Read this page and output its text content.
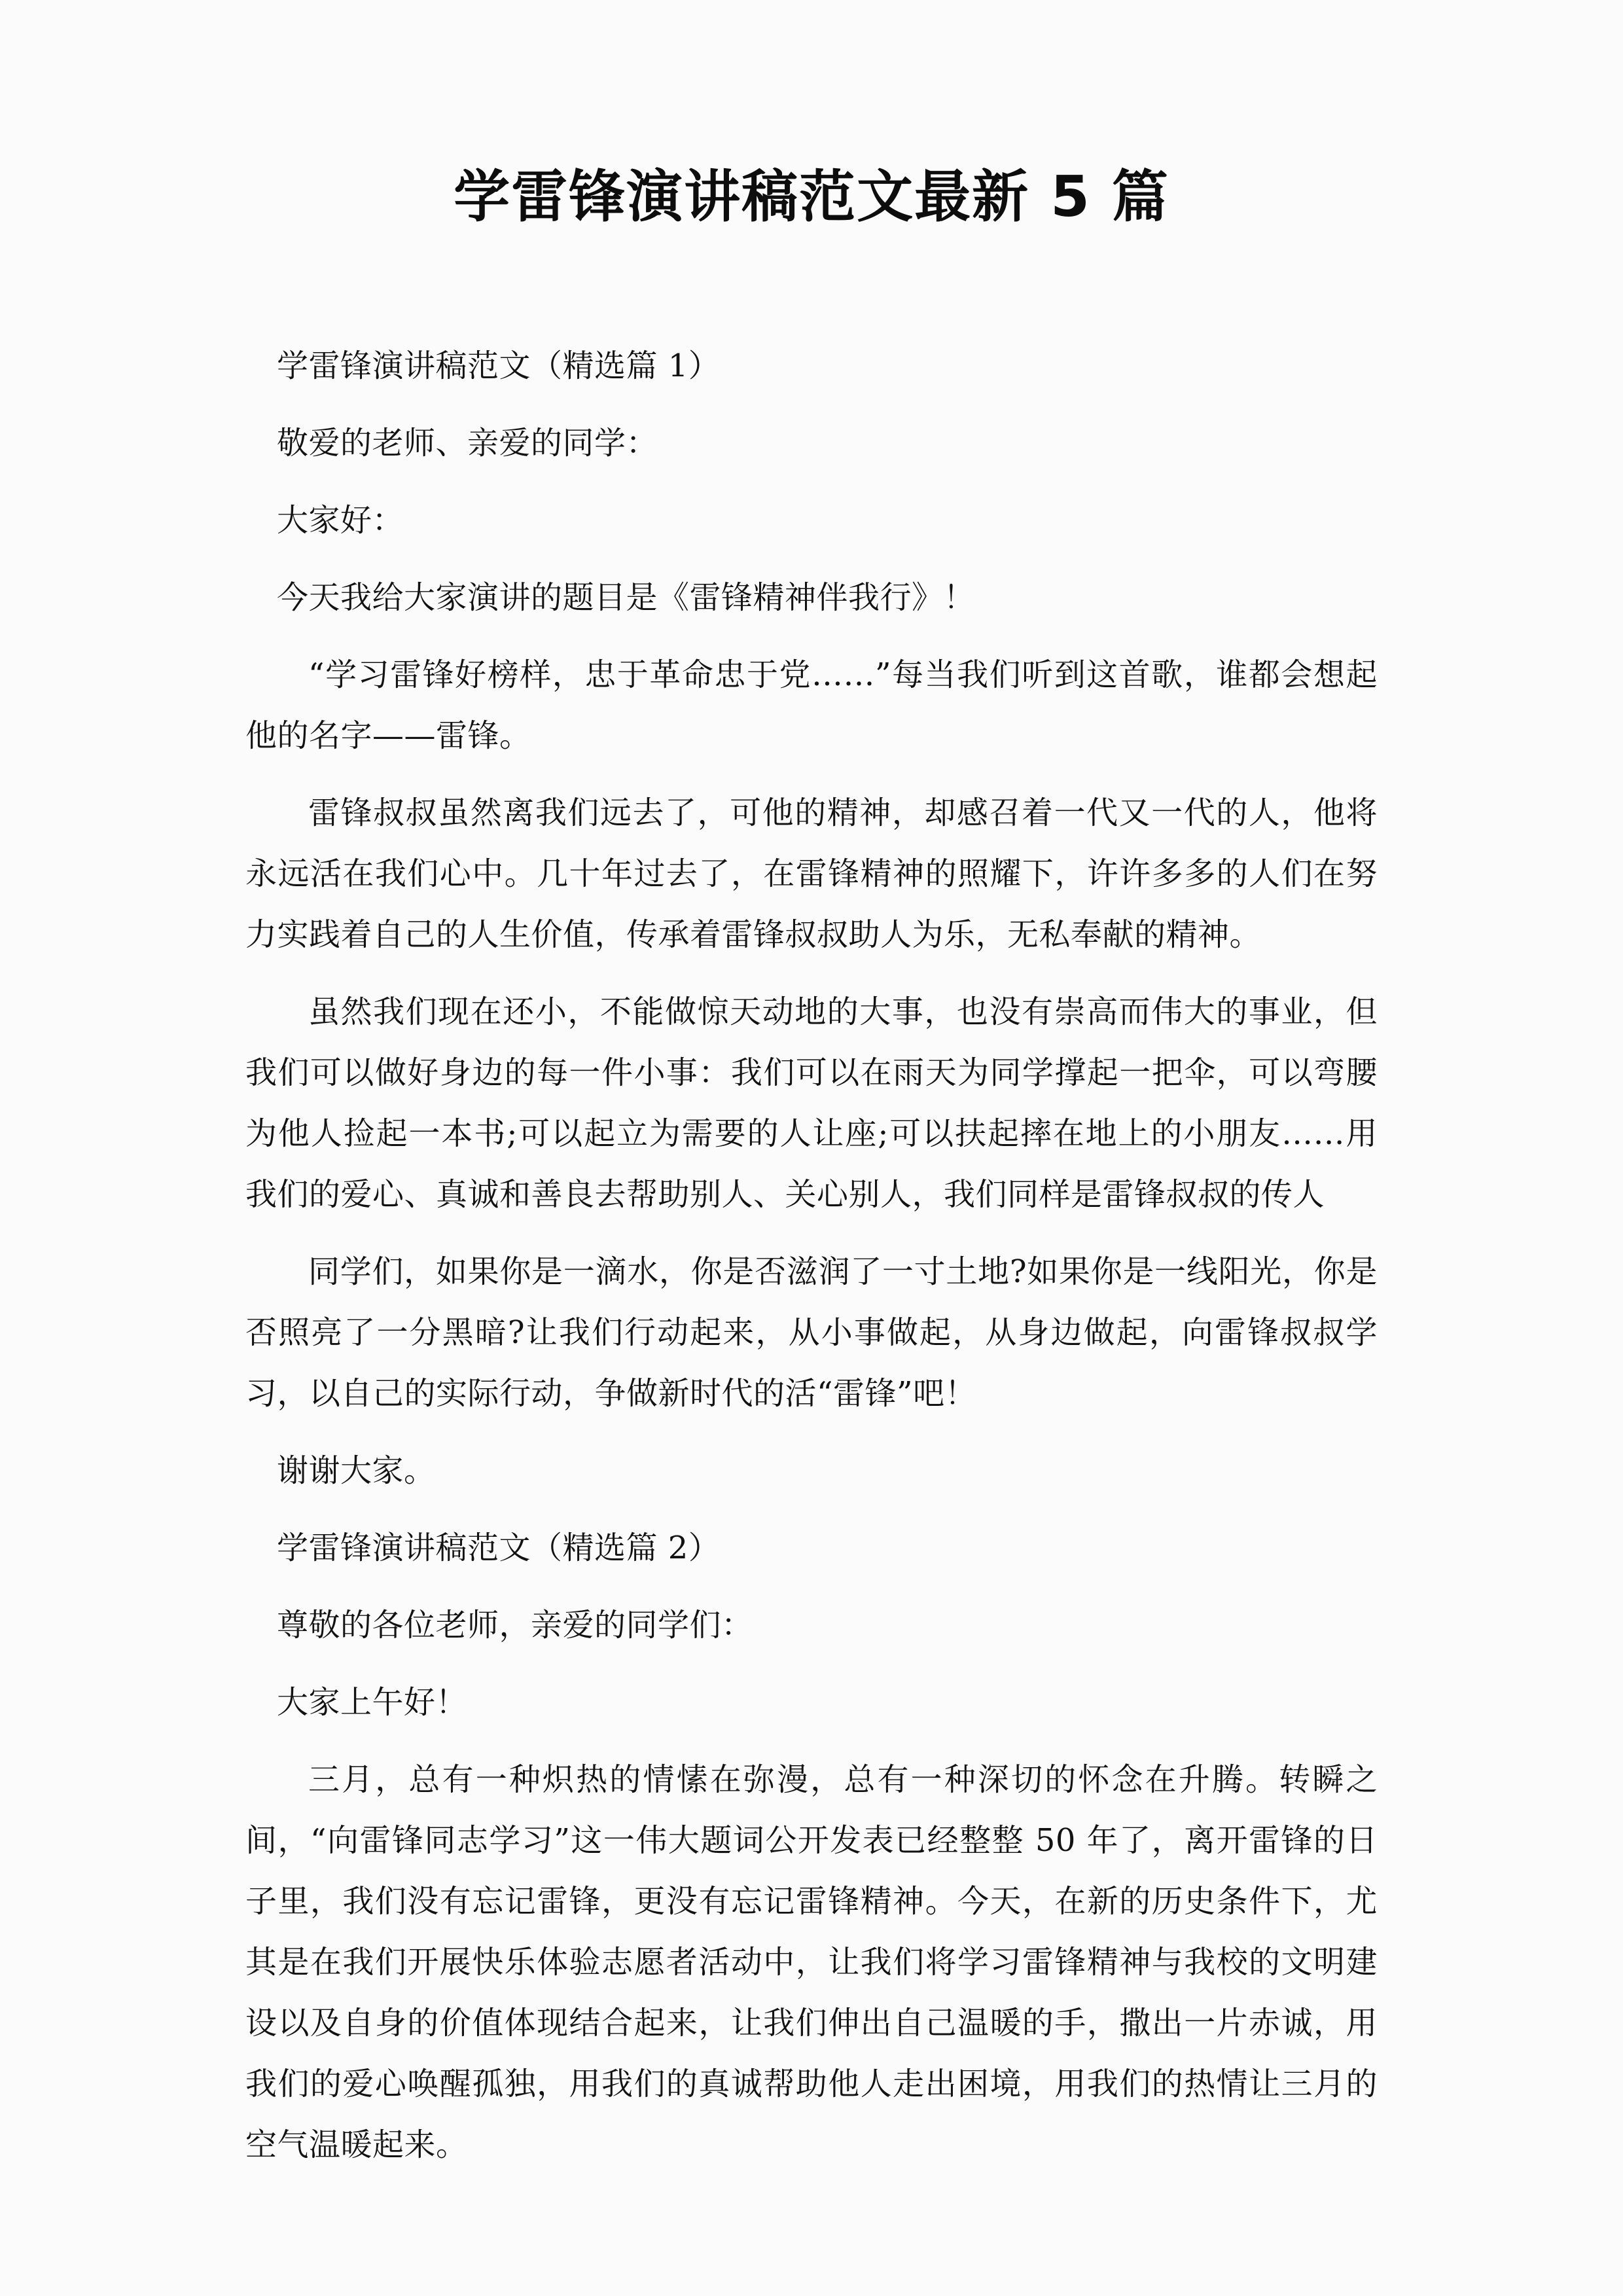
学雷锋演讲稿范文最新 5 篇

学雷锋演讲稿范文（精选篇 1）

敬爱的老师、亲爱的同学：

大家好：

今天我给大家演讲的题目是《雷锋精神伴我行》！

“学习雷锋好榜样，忠于革命忠于党……”每当我们听到这首歌，谁都会想起他的名字——雷锋。

雷锋叔叔虽然离我们远去了，可他的精神，却感召着一代又一代的人，他将永远活在我们心中。几十年过去了，在雷锋精神的照耀下，许许多多的人们在努力实践着自己的人生价值，传承着雷锋叔叔助人为乐，无私奉献的精神。

虽然我们现在还小，不能做惊天动地的大事，也没有崇高而伟大的事业，但我们可以做好身边的每一件小事：我们可以在雨天为同学撑起一把伞，可以弯腰为他人捡起一本书;可以起立为需要的人让座;可以扶起摔在地上的小朋友……用我们的爱心、真诚和善良去帮助别人、关心别人，我们同样是雷锋叔叔的传人

同学们，如果你是一滴水，你是否滋润了一寸土地?如果你是一线阳光，你是否照亮了一分黑暗?让我们行动起来，从小事做起，从身边做起，向雷锋叔叔学习，以自己的实际行动，争做新时代的活“雷锋”吧！

谢谢大家。

学雷锋演讲稿范文（精选篇 2）

尊敬的各位老师，亲爱的同学们：

大家上午好！

三月，总有一种炽热的情愫在弥漫，总有一种深切的怀念在升腾。转瞬之间，“向雷锋同志学习”这一伟大题词公开发表已经整整 50 年了，离开雷锋的日子里，我们没有忘记雷锋，更没有忘记雷锋精神。今天，在新的历史条件下，尤其是在我们开展快乐体验志愿者活动中，让我们将学习雷锋精神与我校的文明建设以及自身的价值体现结合起来，让我们伸出自己温暖的手，撒出一片赤诚，用我们的爱心唤醒孤独，用我们的真诚帮助他人走出困境，用我们的热情让三月的空气温暖起来。
